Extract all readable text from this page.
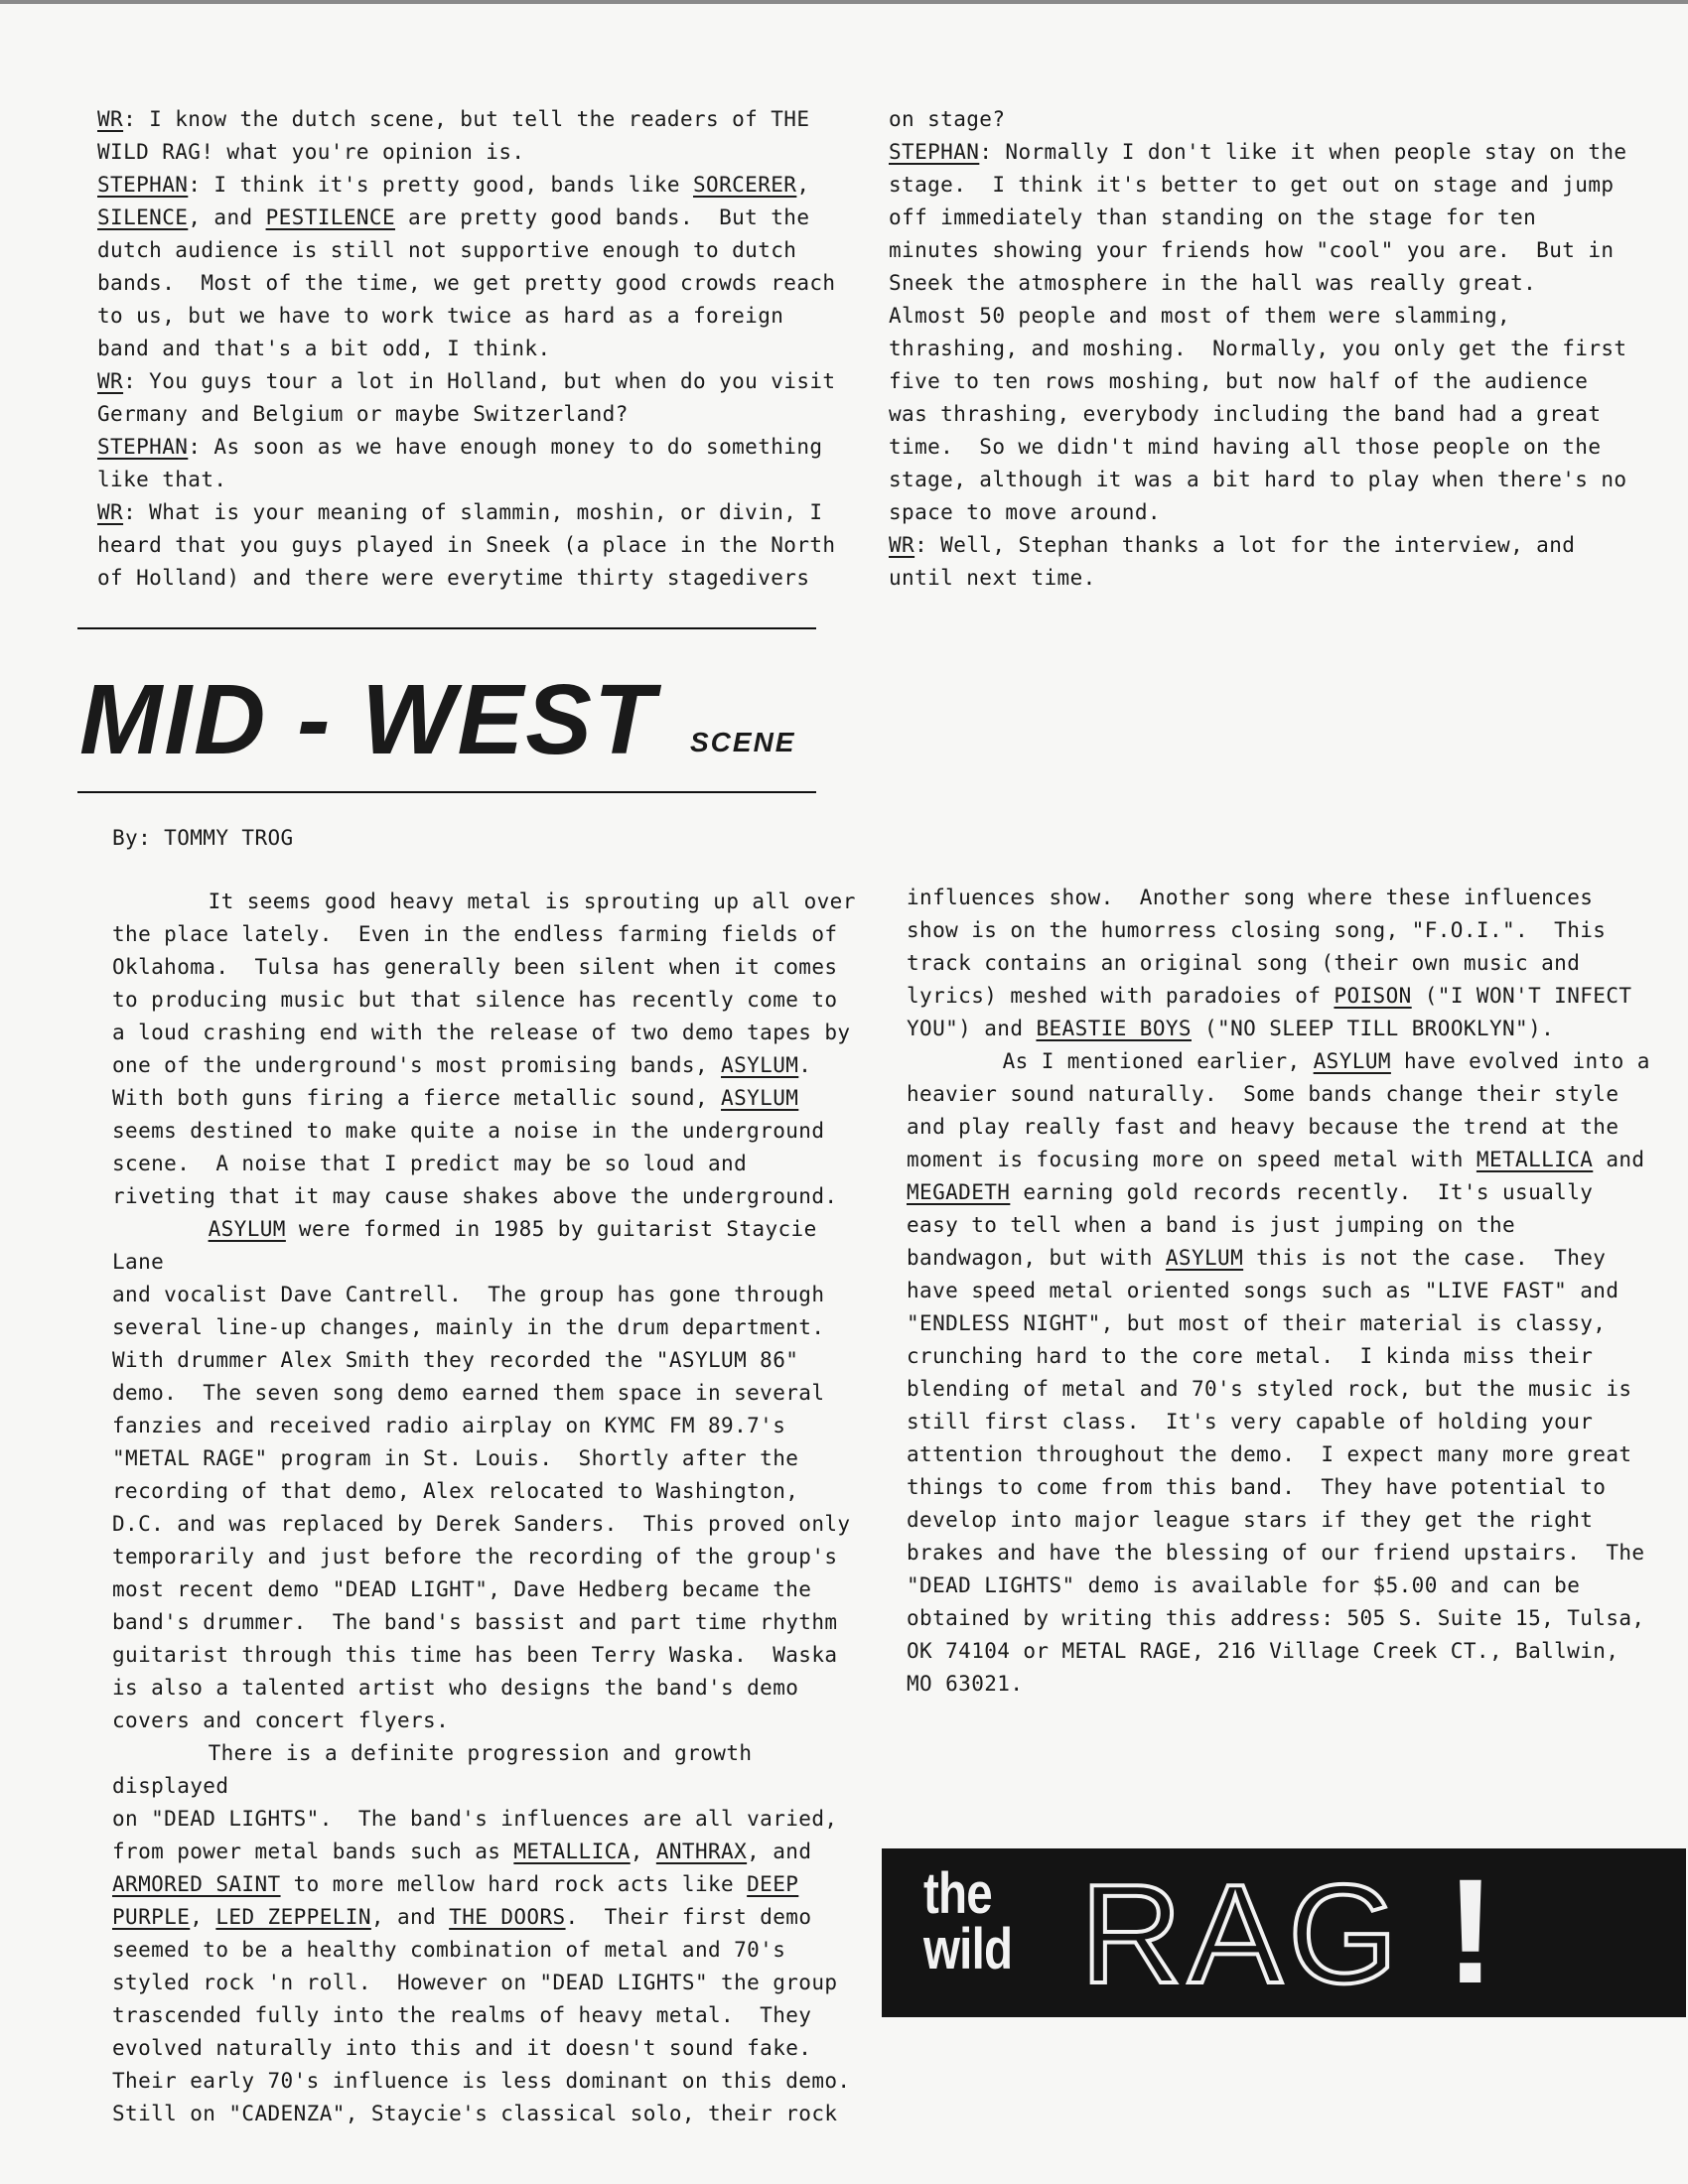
WR: I know the dutch scene, but tell the readers of THE
WILD RAG! what you're opinion is.
STEPHAN: I think it's pretty good, bands like SORCERER,
SILENCE, and PESTILENCE are pretty good bands.  But the
dutch audience is still not supportive enough to dutch
bands.  Most of the time, we get pretty good crowds reach
to us, but we have to work twice as hard as a foreign
band and that's a bit odd, I think.
WR: You guys tour a lot in Holland, but when do you visit
Germany and Belgium or maybe Switzerland?
STEPHAN: As soon as we have enough money to do something
like that.
WR: What is your meaning of slammin, moshin, or divin, I
heard that you guys played in Sneek (a place in the North
of Holland) and there were everytime thirty stagedivers

on stage?
STEPHAN: Normally I don't like it when people stay on the
stage.  I think it's better to get out on stage and jump
off immediately than standing on the stage for ten
minutes showing your friends how "cool" you are.  But in
Sneek the atmosphere in the hall was really great.
Almost 50 people and most of them were slamming,
thrashing, and moshing.  Normally, you only get the first
five to ten rows moshing, but now half of the audience
was thrashing, everybody including the band had a great
time.  So we didn't mind having all those people on the
stage, although it was a bit hard to play when there's no
space to move around.
WR: Well, Stephan thanks a lot for the interview, and
until next time.

MID - WEST SCENE
By: TOMMY TROG

It seems good heavy metal is sprouting up all over
the place lately.  Even in the endless farming fields of
Oklahoma.  Tulsa has generally been silent when it comes
to producing music but that silence has recently come to
a loud crashing end with the release of two demo tapes by
one of the underground's most promising bands, ASYLUM.
With both guns firing a fierce metallic sound, ASYLUM
seems destined to make quite a noise in the underground
scene.  A noise that I predict may be so loud and
riveting that it may cause shakes above the underground.

ASYLUM were formed in 1985 by guitarist Staycie Lane
and vocalist Dave Cantrell.  The group has gone through
several line-up changes, mainly in the drum department.
With drummer Alex Smith they recorded the "ASYLUM 86"
demo.  The seven song demo earned them space in several
fanzies and received radio airplay on KYMC FM 89.7's
"METAL RAGE" program in St. Louis.  Shortly after the
recording of that demo, Alex relocated to Washington,
D.C. and was replaced by Derek Sanders.  This proved only
temporarily and just before the recording of the group's
most recent demo "DEAD LIGHT", Dave Hedberg became the
band's drummer.  The band's bassist and part time rhythm
guitarist through this time has been Terry Waska.  Waska
is also a talented artist who designs the band's demo
covers and concert flyers.

There is a definite progression and growth displayed
on "DEAD LIGHTS".  The band's influences are all varied,
from power metal bands such as METALLICA, ANTHRAX, and
ARMORED SAINT to more mellow hard rock acts like DEEP
PURPLE, LED ZEPPELIN, and THE DOORS.  Their first demo
seemed to be a healthy combination of metal and 70's
styled rock 'n roll.  However on "DEAD LIGHTS" the group
trascended fully into the realms of heavy metal.  They
evolved naturally into this and it doesn't sound fake.
Their early 70's influence is less dominant on this demo.
Still on "CADENZA", Staycie's classical solo, their rock

influences show.  Another song where these influences
show is on the humorress closing song, "F.O.I.".  This
track contains an original song (their own music and
lyrics) meshed with paradoies of POISON ("I WON'T INFECT
YOU") and BEASTIE BOYS ("NO SLEEP TILL BROOKLYN").

As I mentioned earlier, ASYLUM have evolved into a
heavier sound naturally.  Some bands change their style
and play really fast and heavy because the trend at the
moment is focusing more on speed metal with METALLICA and
MEGADETH earning gold records recently.  It's usually
easy to tell when a band is just jumping on the
bandwagon, but with ASYLUM this is not the case.  They
have speed metal oriented songs such as "LIVE FAST" and
"ENDLESS NIGHT", but most of their material is classy,
crunching hard to the core metal.  I kinda miss their
blending of metal and 70's styled rock, but the music is
still first class.  It's very capable of holding your
attention throughout the demo.  I expect many more great
things to come from this band.  They have potential to
develop into major league stars if they get the right
brakes and have the blessing of our friend upstairs.  The
"DEAD LIGHTS" demo is available for $5.00 and can be
obtained by writing this address: 505 S. Suite 15, Tulsa,
OK 74104 or METAL RAGE, 216 Village Creek CT., Ballwin,
MO 63021.

the
wild RAG !
